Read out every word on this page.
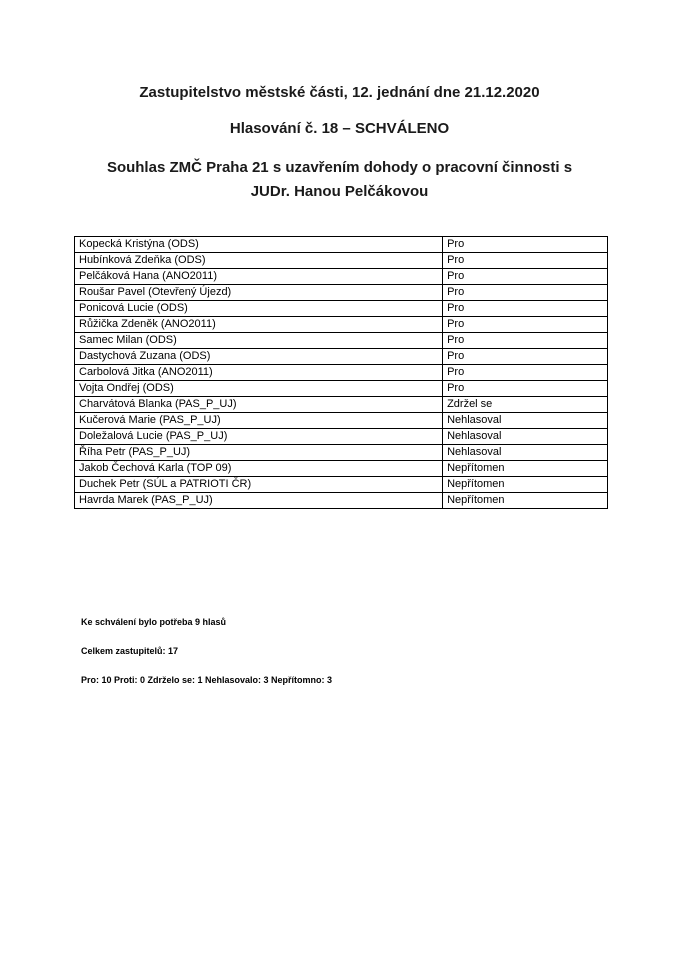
Zastupitelstvo městské části, 12. jednání dne 21.12.2020
Hlasování č. 18 – SCHVÁLENO
Souhlas ZMČ Praha 21 s uzavřením dohody o pracovní činnosti s
JUDr. Hanou Pelčákovou
Kopecká Kristýna (ODS)	Pro
Hubínková Zdeňka (ODS)	Pro
Pelčáková Hana (ANO2011)	Pro
Roušar Pavel (Otevřený Újezd)	Pro
Ponicová Lucie (ODS)	Pro
Růžička Zdeněk (ANO2011)	Pro
Samec Milan (ODS)	Pro
Dastychová Zuzana (ODS)	Pro
Carbolová Jitka (ANO2011)	Pro
Vojta Ondřej (ODS)	Pro
Charvátová Blanka (PAS_P_UJ)	Zdržel se
Kučerová Marie (PAS_P_UJ)	Nehlasoval
Doležalová Lucie (PAS_P_UJ)	Nehlasoval
Říha Petr (PAS_P_UJ)	Nehlasoval
Jakob Čechová Karla (TOP 09)	Nepřítomen
Duchek Petr (SÚL a PATRIOTI ČR)	Nepřítomen
Havrda Marek (PAS_P_UJ)	Nepřítomen
Ke schválení bylo potřeba 9 hlasů
Celkem zastupitelů: 17
Pro: 10 Proti: 0 Zdrželo se: 1 Nehlasovalo: 3 Nepřítomno: 3
